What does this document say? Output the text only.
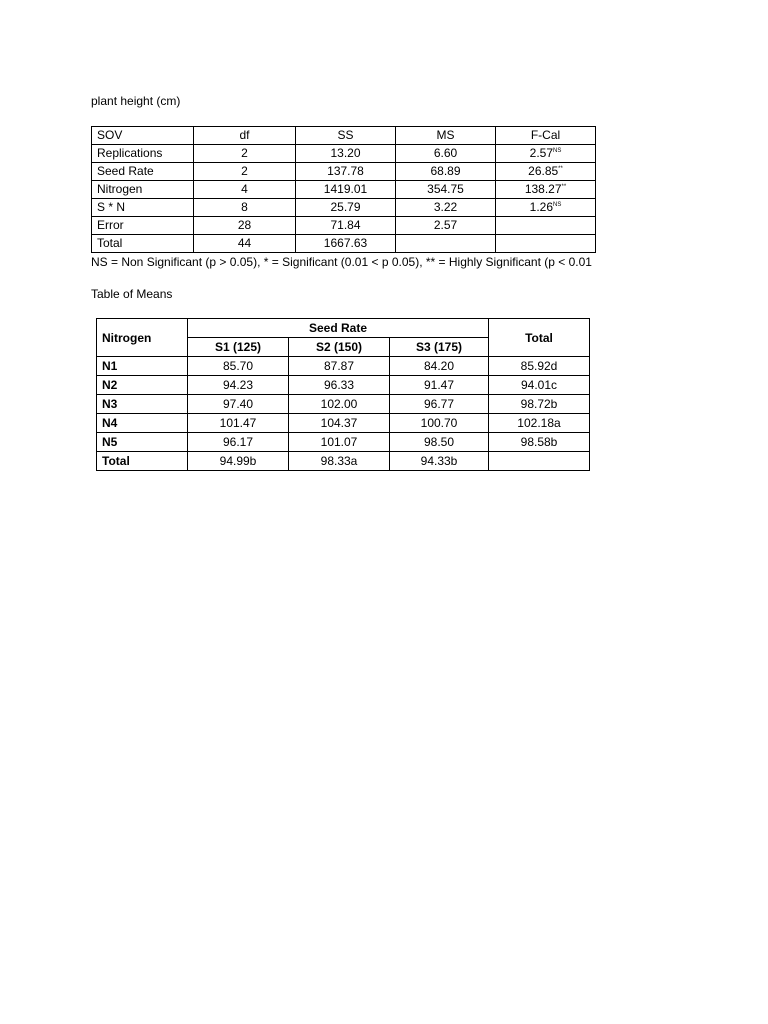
plant height (cm)
SOV	df	SS	MS	F-Cal
Replications	2	13.20	6.60	$2.57^{NS}$
Seed Rate	2	137.78	68.89	26.85**
Nitrogen	4	1419.01	354.75	138.27**
S * N	8	25.79	3.22	$1.26^{NS}$
Error	28	71.84	2.57	
Total	44	1667.63		
NS = Non Significant (p > 0.05), * = Significant (0.01 < p 0.05), ** = Highly Significant (p < 0.01
Table of Means
Nitrogen	Seed Rate			Total
	S1 (125)	S2 (150)	S3 (175)	
N1	85.70	87.87	84.20	85.92d
N2	94.23	96.33	91.47	94.01c
N3	97.40	102.00	96.77	98.72b
N4	101.47	104.37	100.70	102.18a
N5	96.17	101.07	98.50	98.58b
Total	94.99b	98.33a	94.33b	
